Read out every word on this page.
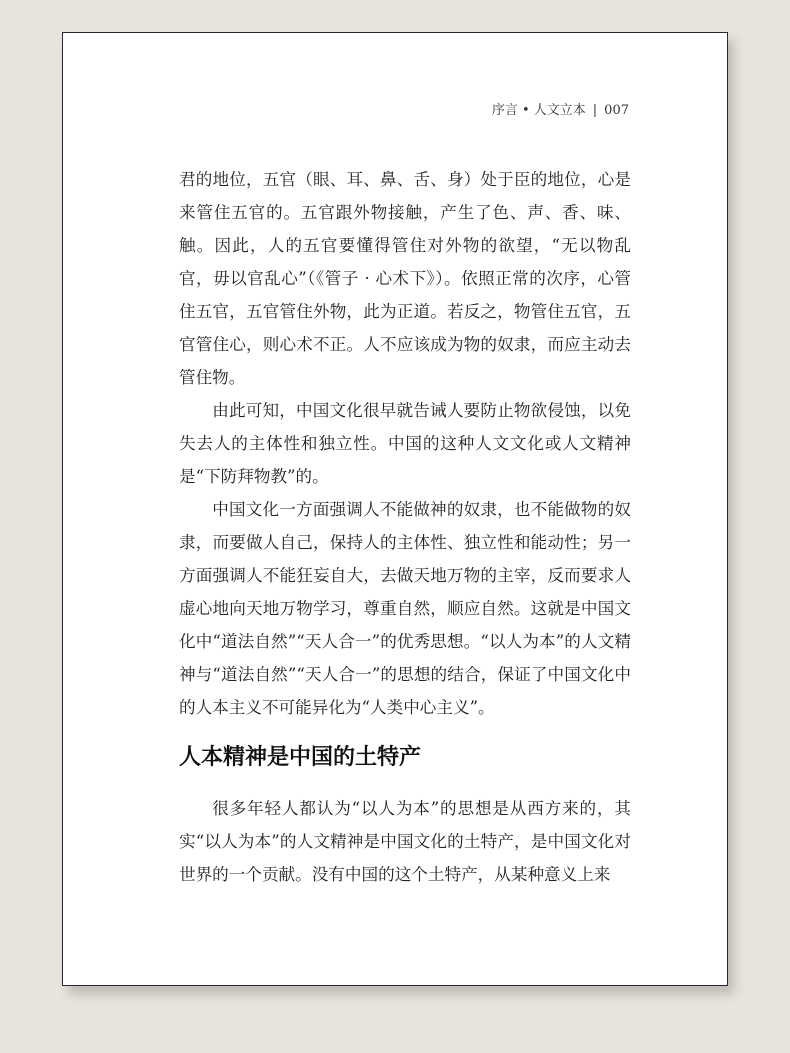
序言 • 人文立本 | 007

君的地位，五官（眼、耳、鼻、舌、身）处于臣的地位，心是来管住五官的。五官跟外物接触，产生了色、声、香、味、触。因此，人的五官要懂得管住对外物的欲望，“无以物乱官，毋以官乱心”（《管子 · 心术下》）。依照正常的次序，心管住五官，五官管住外物，此为正道。若反之，物管住五官，五官管住心，则心术不正。人不应该成为物的奴隶，而应主动去管住物。

由此可知，中国文化很早就告诫人要防止物欲侵蚀，以免失去人的主体性和独立性。中国的这种人文文化或人文精神是“下防拜物教”的。

中国文化一方面强调人不能做神的奴隶，也不能做物的奴隶，而要做人自己，保持人的主体性、独立性和能动性；另一方面强调人不能狂妄自大，去做天地万物的主宰，反而要求人虚心地向天地万物学习，尊重自然，顺应自然。这就是中国文化中“道法自然”“天人合一”的优秀思想。“以人为本”的人文精神与“道法自然”“天人合一”的思想的结合，保证了中国文化中的人本主义不可能异化为“人类中心主义”。

人本精神是中国的土特产

很多年轻人都认为“以人为本”的思想是从西方来的，其实“以人为本”的人文精神是中国文化的土特产，是中国文化对世界的一个贡献。没有中国的这个土特产，从某种意义上来
